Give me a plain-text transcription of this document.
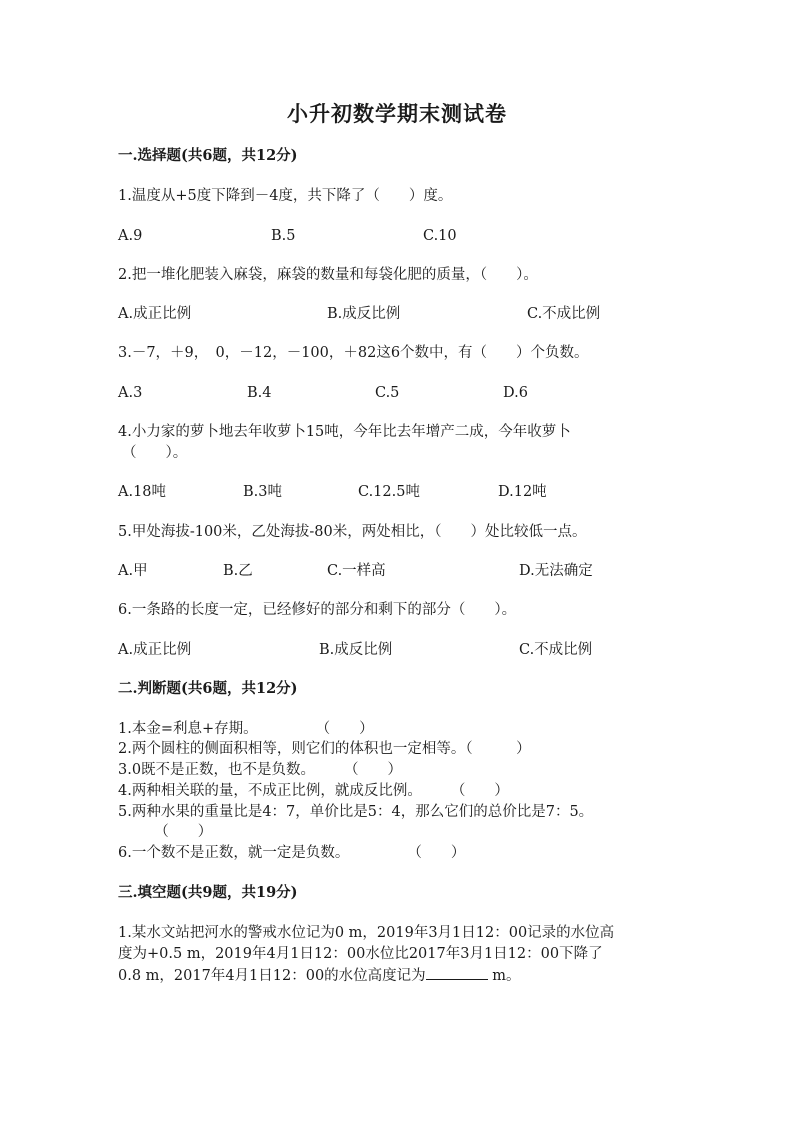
小升初数学期末测试卷
一.选择题(共6题，共12分)
1.温度从+5度下降到－4度，共下降了（　　）度。
A.9	B.5	C.10
2.把一堆化肥装入麻袋，麻袋的数量和每袋化肥的质量，（　　）。
A.成正比例	B.成反比例	C.不成比例
3.－7，＋9，　0，－12，－100，＋82这6个数中，有（　　）个负数。
A.3	B.4	C.5	D.6
4.小力家的萝卜地去年收萝卜15吨，今年比去年增产二成，今年收萝卜
（　　）。
A.18吨	B.3吨	C.12.5吨	D.12吨
5.甲处海拔-100米，乙处海拔-80米，两处相比，（　　）处比较低一点。
A.甲	B.乙	C.一样高	D.无法确定
6.一条路的长度一定，已经修好的部分和剩下的部分（　　）。
A.成正比例	B.成反比例	C.不成比例
二.判断题(共6题，共12分)
1.本金=利息+存期。　　　　　（　　）
2.两个圆柱的侧面积相等，则它们的体积也一定相等。（　　　）
3.0既不是正数，也不是负数。　　　（　　）
4.两种相关联的量，不成正比例，就成反比例。　　　（　　）
5.两种水果的重量比是4：7，单价比是5：4，那么它们的总价比是7：5。
　　　（　　）
6.一个数不是正数，就一定是负数。　　　　　（　　）
三.填空题(共9题，共19分)
1.某水文站把河水的警戒水位记为0 m，2019年3月1日12：00记录的水位高
度为+0.5 m，2019年4月1日12：00水位比2017年3月1日12：00下降了
0.8 m，2017年4月1日12：00的水位高度记为	m。
